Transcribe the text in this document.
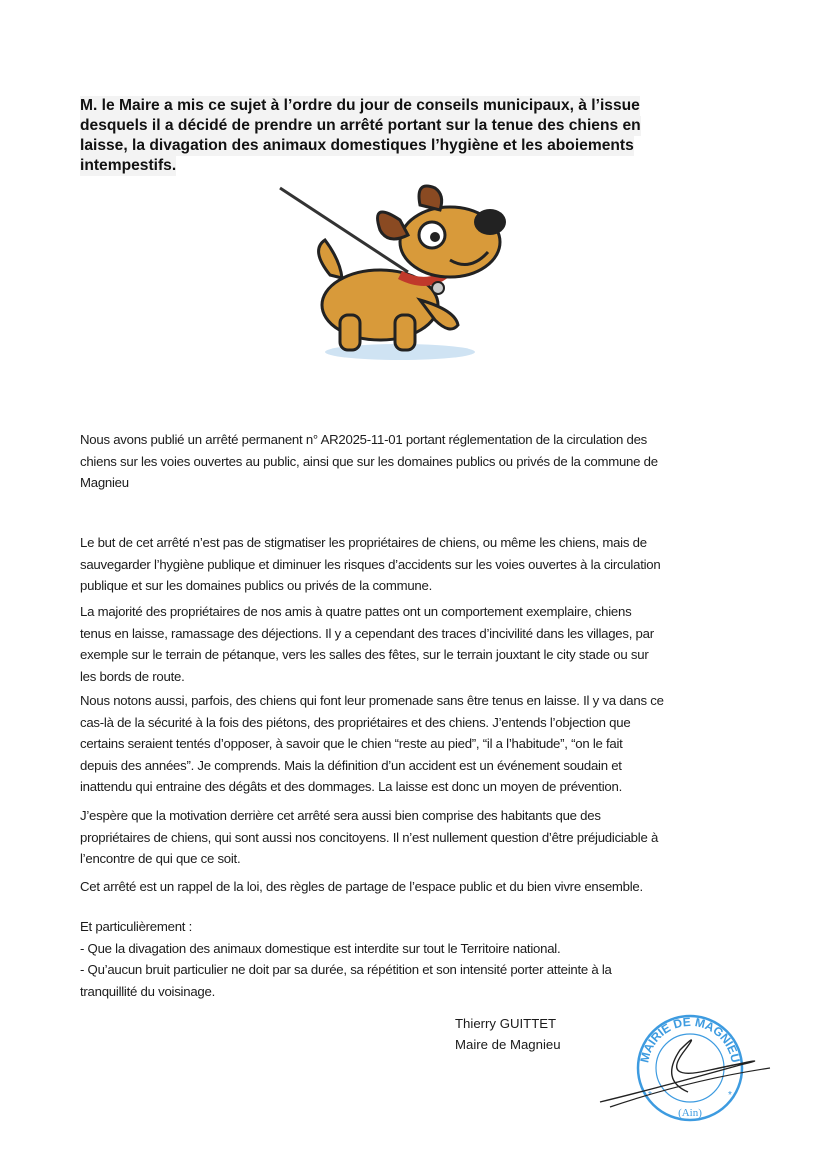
M. le Maire a mis ce sujet à l’ordre du jour de conseils municipaux, à l’issue
desquels il a décidé de prendre un arrêté portant sur la tenue des chiens en
laisse, la divagation des animaux domestiques l’hygiène et les aboiements
intempestifs.

Nous avons publié un arrêté permanent n° AR2025-11-01 portant réglementation de la circulation des
chiens sur les voies ouvertes au public, ainsi que sur les domaines publics ou privés de la commune de
Magnieu
Le but de cet arrêté n’est pas de stigmatiser les propriétaires de chiens, ou même les chiens, mais de
sauvegarder l’hygiène publique et diminuer les risques d’accidents sur les voies ouvertes à la circulation
publique et sur les domaines publics ou privés de la commune.
La majorité des propriétaires de nos amis à quatre pattes ont un comportement exemplaire, chiens
tenus en laisse, ramassage des déjections. Il y a cependant des traces d’incivilité dans les villages, par
exemple sur le terrain de pétanque, vers les salles des fêtes, sur le terrain jouxtant le city stade ou sur
les bords de route.
Nous notons aussi, parfois, des chiens qui font leur promenade sans être tenus en laisse. Il y va dans ce
cas-là de la sécurité à la fois des piétons, des propriétaires et des chiens. J’entends l’objection que
certains seraient tentés d’opposer, à savoir que le chien “reste au pied”, “il a l’habitude”, “on le fait
depuis des années”. Je comprends. Mais la définition d’un accident est un événement soudain et
inattendu qui entraine des dégâts et des dommages. La laisse est donc un moyen de prévention.
J’espère que la motivation derrière cet arrêté sera aussi bien comprise des habitants que des
propriétaires de chiens, qui sont aussi nos concitoyens. Il n’est nullement question d’être préjudiciable à
l’encontre de qui que ce soit.
Cet arrêté est un rappel de la loi, des règles de partage de l’espace public et du bien vivre ensemble.
Et particulièrement :
- Que la divagation des animaux domestique est interdite sur tout le Territoire national.
- Qu’aucun bruit particulier ne doit par sa durée, sa répétition et son intensité porter atteinte à la
tranquillité du voisinage.
Thierry GUITTET
Maire de Magnieu
MAIRIE DE MAGNIEU
(Ain)
*	*
